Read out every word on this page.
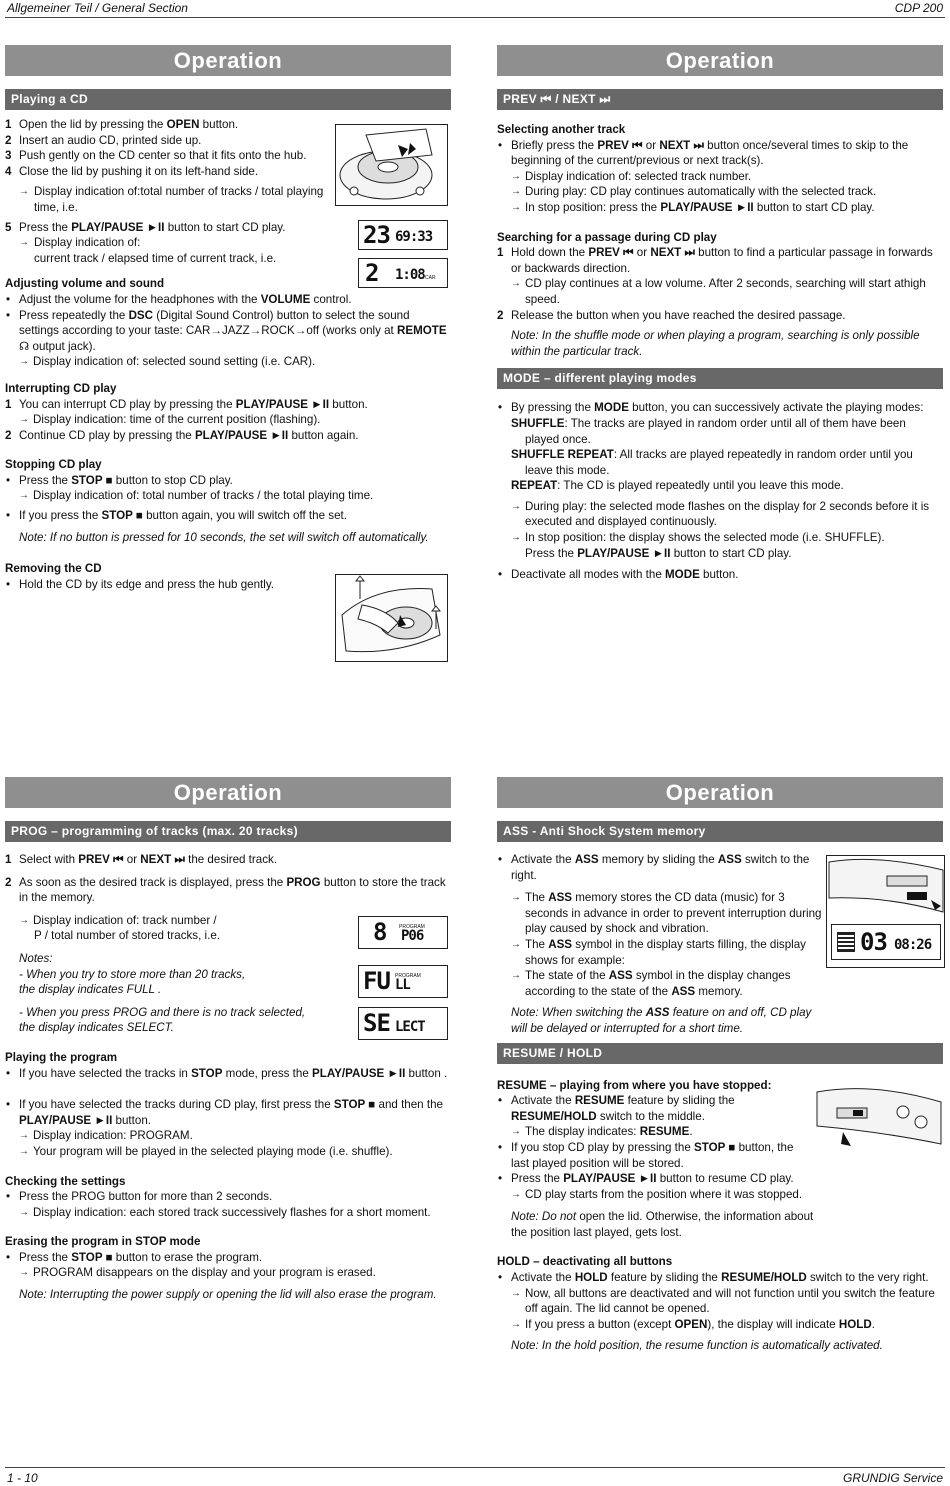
Allgemeiner Teil / General Section	CDP 200
Operation
Playing a CD
1 Open the lid by pressing the OPEN button.
2 Insert an audio CD, printed side up.
3 Push gently on the CD center so that it fits onto the hub.
4 Close the lid by pushing it on its left-hand side.
→ Display indication of:total number of tracks / total playing time, i.e.
5 Press the PLAY/PAUSE ►II button to start CD play.
→ Display indication of:
current track / elapsed time of current track, i.e.
Adjusting volume and sound
• Adjust the volume for the headphones with the VOLUME control.
• Press repeatedly the DSC (Digital Sound Control) button to select the sound settings according to your taste: CAR→JAZZ→ROCK→off (works only at REMOTE ☊ output jack).
→ Display indication of: selected sound setting (i.e. CAR).
Interrupting CD play
1 You can interrupt CD play by pressing the PLAY/PAUSE ►II button.
→ Display indication: time of the current position (flashing).
2 Continue CD play by pressing the PLAY/PAUSE ►II button again.
Stopping CD play
• Press the STOP ■ button to stop CD play.
→ Display indication of: total number of tracks / the total playing time.
• If you press the STOP ■ button again, you will switch off the set.
Note: If no button is pressed for 10 seconds, the set will switch off automatically.
Removing the CD
• Hold the CD by its edge and press the hub gently.
23 69:33
2 1:08 CAR
Operation
PREV ⏮ / NEXT ⏭
Selecting another track
• Briefly press the PREV ⏮ or NEXT ⏭ button once/several times to skip to the beginning of the current/previous or next track(s).
→ Display indication of: selected track number.
→ During play: CD play continues automatically with the selected track.
→ In stop position: press the PLAY/PAUSE ►II button to start CD play.
Searching for a passage during CD play
1 Hold down the PREV ⏮ or NEXT ⏭ button to find a particular passage in forwards or backwards direction.
→ CD play continues at a low volume. After 2 seconds, searching will start athigh speed.
2 Release the button when you have reached the desired passage.
Note: In the shuffle mode or when playing a program, searching is only possible within the particular track.
MODE – different playing modes
• By pressing the MODE button, you can successively activate the playing modes:
SHUFFLE: The tracks are played in random order until all of them have been played once.
SHUFFLE REPEAT: All tracks are played repeatedly in random order until you leave this mode.
REPEAT: The CD is played repeatedly until you leave this mode.
→ During play: the selected mode flashes on the display for 2 seconds before it is executed and displayed continuously.
→ In stop position: the display shows the selected mode (i.e. SHUFFLE).
Press the PLAY/PAUSE ►II button to start CD play.
• Deactivate all modes with the MODE button.
Operation
PROG – programming of tracks (max. 20 tracks)
1 Select with PREV ⏮ or NEXT ⏭ the desired track.
2 As soon as the desired track is displayed, press the PROG button to store the track in the memory.
→ Display indication of: track number /
P / total number of stored tracks, i.e.
Notes:
- When you try to store more than 20 tracks,
the display indicates FULL .
- When you press PROG and there is no track selected,
the display indicates SELECT.
Playing the program
• If you have selected the tracks in STOP mode, press the PLAY/PAUSE ►II button .
• If you have selected the tracks during CD play, first press the STOP ■ and then the PLAY/PAUSE ►II button.
→ Display indication: PROGRAM.
→ Your program will be played in the selected playing mode (i.e. shuffle).
Checking the settings
• Press the PROG button for more than 2 seconds.
→ Display indication: each stored track successively flashes for a short moment.
Erasing the program in STOP mode
• Press the STOP ■ button to erase the program.
→ PROGRAM disappears on the display and your program is erased.
Note: Interrupting the power supply or opening the lid will also erase the program.
8 P06
PROGRAM
FU LL
PROGRAM
SE LECT
Operation
ASS - Anti Shock System memory
• Activate the ASS memory by sliding the ASS switch to the right.
→ The ASS memory stores the CD data (music) for 3 seconds in advance in order to prevent interruption during play caused by shock and vibration.
→ The ASS symbol in the display starts filling, the display shows for example:
→ The state of the ASS symbol in the display changes according to the state of the ASS memory.
Note: When switching the ASS feature on and off, CD play will be delayed or interrupted for a short time.
RESUME / HOLD
RESUME – playing from where you have stopped:
• Activate the RESUME feature by sliding the RESUME/HOLD switch to the middle.
→ The display indicates: RESUME.
• If you stop CD play by pressing the STOP ■ button, the last played position will be stored.
• Press the PLAY/PAUSE ►II button to resume CD play.
→ CD play starts from the position where it was stopped.
Note: Do not open the lid. Otherwise, the information about the position last played, gets lost.
HOLD – deactivating all buttons
• Activate the HOLD feature by sliding the RESUME/HOLD switch to the very right.
→ Now, all buttons are deactivated and will not function until you switch the feature off again. The lid cannot be opened.
→ If you press a button (except OPEN), the display will indicate HOLD.
Note: In the hold position, the resume function is automatically activated.
03 08:26
1 - 10	GRUNDIG Service
